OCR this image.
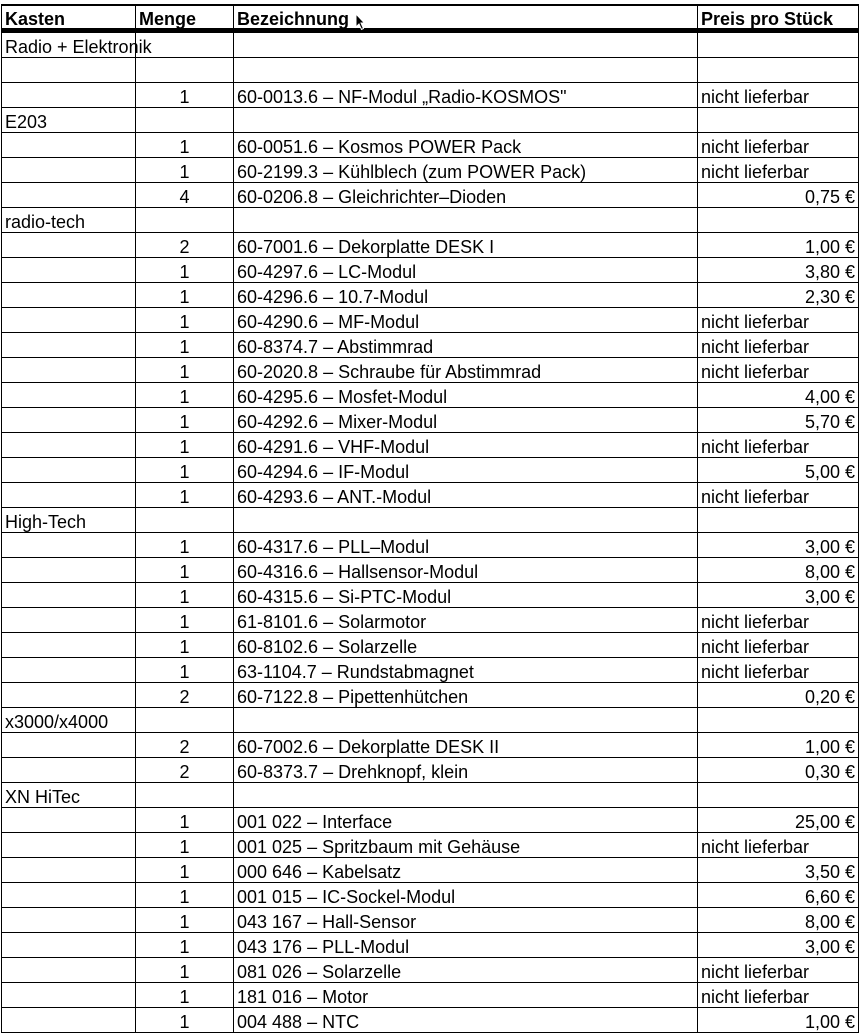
Kasten	Menge	Bezeichnung	Preis pro Stück
Radio + Elektronik			

	1	60-0013.6 – NF-Modul „Radio-KOSMOS"	nicht lieferbar
E203			
	1	60-0051.6 – Kosmos POWER Pack	nicht lieferbar
	1	60-2199.3 – Kühlblech (zum POWER Pack)	nicht lieferbar
	4	60-0206.8 – Gleichrichter–Dioden	0,75 €
radio-tech			
	2	60-7001.6 – Dekorplatte DESK I	1,00 €
	1	60-4297.6 – LC-Modul	3,80 €
	1	60-4296.6 – 10.7-Modul	2,30 €
	1	60-4290.6 – MF-Modul	nicht lieferbar
	1	60-8374.7 – Abstimmrad	nicht lieferbar
	1	60-2020.8 – Schraube für Abstimmrad	nicht lieferbar
	1	60-4295.6 – Mosfet-Modul	4,00 €
	1	60-4292.6 – Mixer-Modul	5,70 €
	1	60-4291.6 – VHF-Modul	nicht lieferbar
	1	60-4294.6 – IF-Modul	5,00 €
	1	60-4293.6 – ANT.-Modul	nicht lieferbar
High-Tech			
	1	60-4317.6 – PLL–Modul	3,00 €
	1	60-4316.6 – Hallsensor-Modul	8,00 €
	1	60-4315.6 – Si-PTC-Modul	3,00 €
	1	61-8101.6 – Solarmotor	nicht lieferbar
	1	60-8102.6 – Solarzelle	nicht lieferbar
	1	63-1104.7 – Rundstabmagnet	nicht lieferbar
	2	60-7122.8 – Pipettenhütchen	0,20 €
x3000/x4000			
	2	60-7002.6 – Dekorplatte DESK II	1,00 €
	2	60-8373.7 – Drehknopf, klein	0,30 €
XN HiTec			
	1	001 022 – Interface	25,00 €
	1	001 025 – Spritzbaum mit Gehäuse	nicht lieferbar
	1	000 646 – Kabelsatz	3,50 €
	1	001 015 – IC-Sockel-Modul	6,60 €
	1	043 167 – Hall-Sensor	8,00 €
	1	043 176 – PLL-Modul	3,00 €
	1	081 026 – Solarzelle	nicht lieferbar
	1	181 016 – Motor	nicht lieferbar
	1	004 488 – NTC	1,00 €
